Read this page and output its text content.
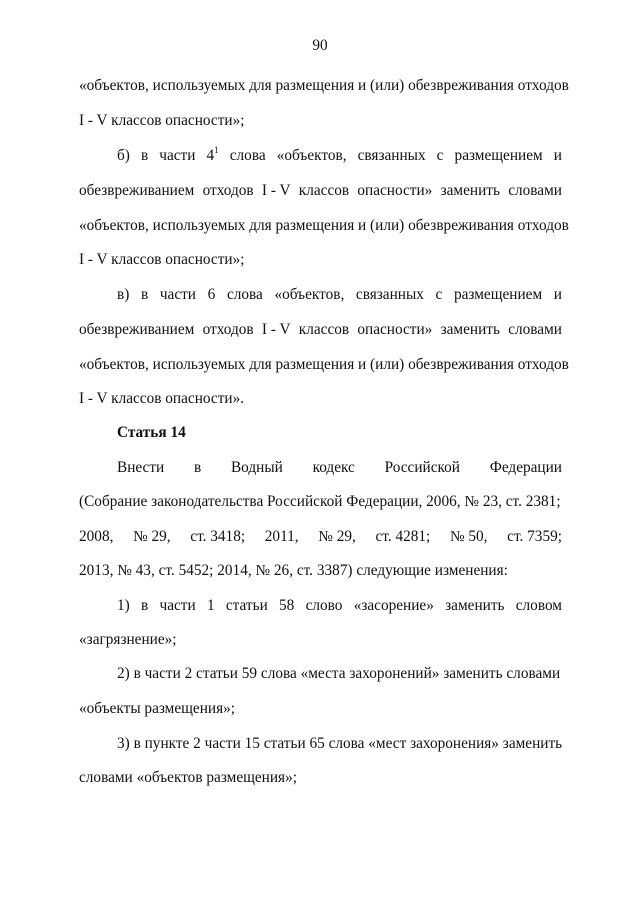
90
«объектов, используемых для размещения и (или) обезвреживания отходов
I - V классов опасности»;
б) в части $4^1$ слова «объектов, связанных с размещением и
обезвреживанием отходов I - V классов опасности» заменить словами
«объектов, используемых для размещения и (или) обезвреживания отходов
I - V классов опасности»;
в) в части 6 слова «объектов, связанных с размещением и
обезвреживанием отходов I - V классов опасности» заменить словами
«объектов, используемых для размещения и (или) обезвреживания отходов
I - V классов опасности».
Статья 14
Внести в Водный кодекс Российской Федерации
(Собрание законодательства Российской Федерации, 2006, № 23, ст. 2381;
2008, № 29, ст. 3418; 2011, № 29, ст. 4281; № 50, ст. 7359;
2013, № 43, ст. 5452; 2014, № 26, ст. 3387) следующие изменения:
1) в части 1 статьи 58 слово «засорение» заменить словом
«загрязнение»;
2) в части 2 статьи 59 слова «места захоронений» заменить словами
«объекты размещения»;
3) в пункте 2 части 15 статьи 65 слова «мест захоронения» заменить
словами «объектов размещения»;
